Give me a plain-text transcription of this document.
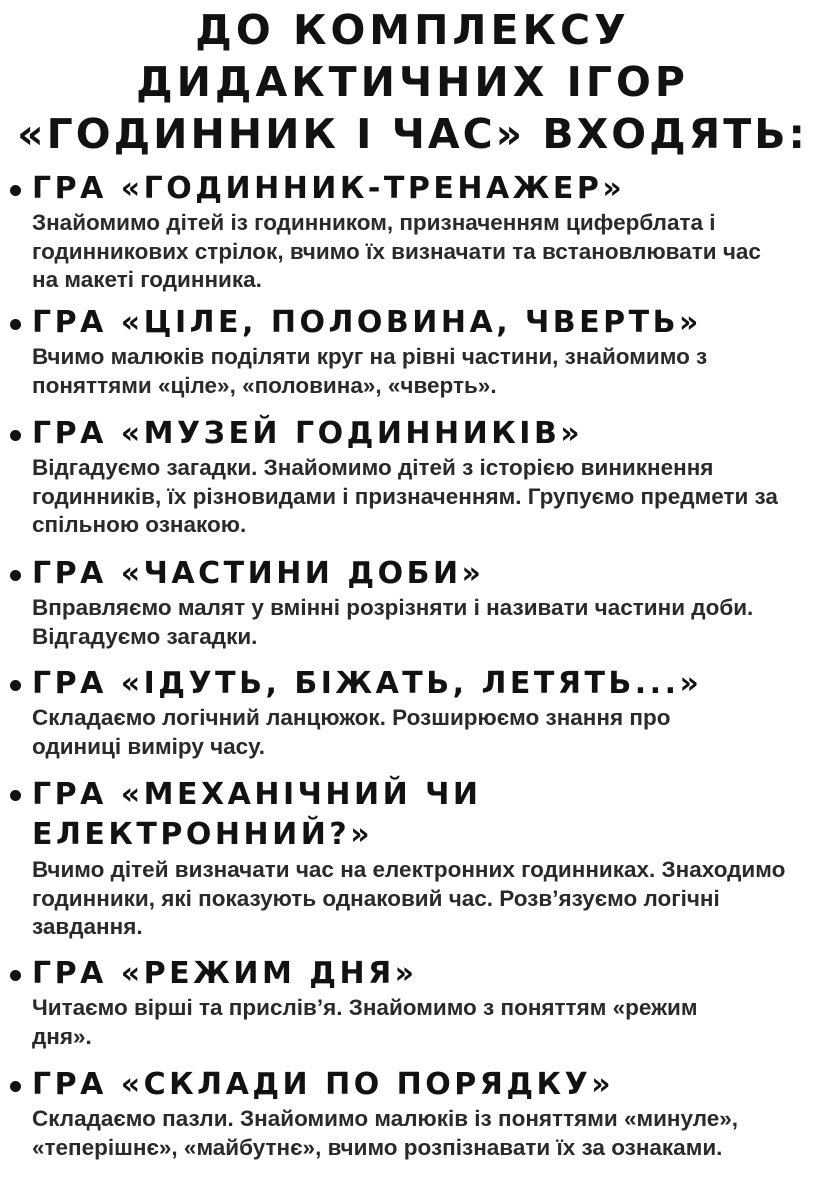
ДО КОМПЛЕКСУ
ДИДАКТИЧНИХ ІГОР
«ГОДИННИК І ЧАС» ВХОДЯТЬ:
ГРА «ГОДИННИК-ТРЕНАЖЕР»
Знайомимо дітей із годинником, призначенням циферблата і годинникових стрілок, вчимо їх визначати та встановлювати час на макеті годинника.
ГРА «ЦІЛЕ, ПОЛОВИНА, ЧВЕРТЬ»
Вчимо малюків поділяти круг на рівні частини, знайомимо з поняттями «ціле», «половина», «чверть».
ГРА «МУЗЕЙ ГОДИННИКІВ»
Відгадуємо загадки. Знайомимо дітей з історією виникнення годинників, їх різновидами і призначенням. Групуємо предмети за спільною ознакою.
ГРА «ЧАСТИНИ ДОБИ»
Вправляємо малят у вмінні розрізняти і називати частини доби. Відгадуємо загадки.
ГРА «ІДУТЬ, БІЖАТЬ, ЛЕТЯТЬ...»
Складаємо логічний ланцюжок. Розширюємо знання про одиниці виміру часу.
ГРА «МЕХАНІЧНИЙ ЧИ ЕЛЕКТРОННИЙ?»
Вчимо дітей визначати час на електронних годинниках. Знаходимо годинники, які показують однаковий час. Розв’язуємо логічні завдання.
ГРА «РЕЖИМ ДНЯ»
Читаємо вірші та прислів’я. Знайомимо з поняттям «режим дня».
ГРА «СКЛАДИ ПО ПОРЯДКУ»
Складаємо пазли. Знайомимо малюків із поняттями «минуле», «теперішнє», «майбутнє», вчимо розпізнавати їх за ознаками.
